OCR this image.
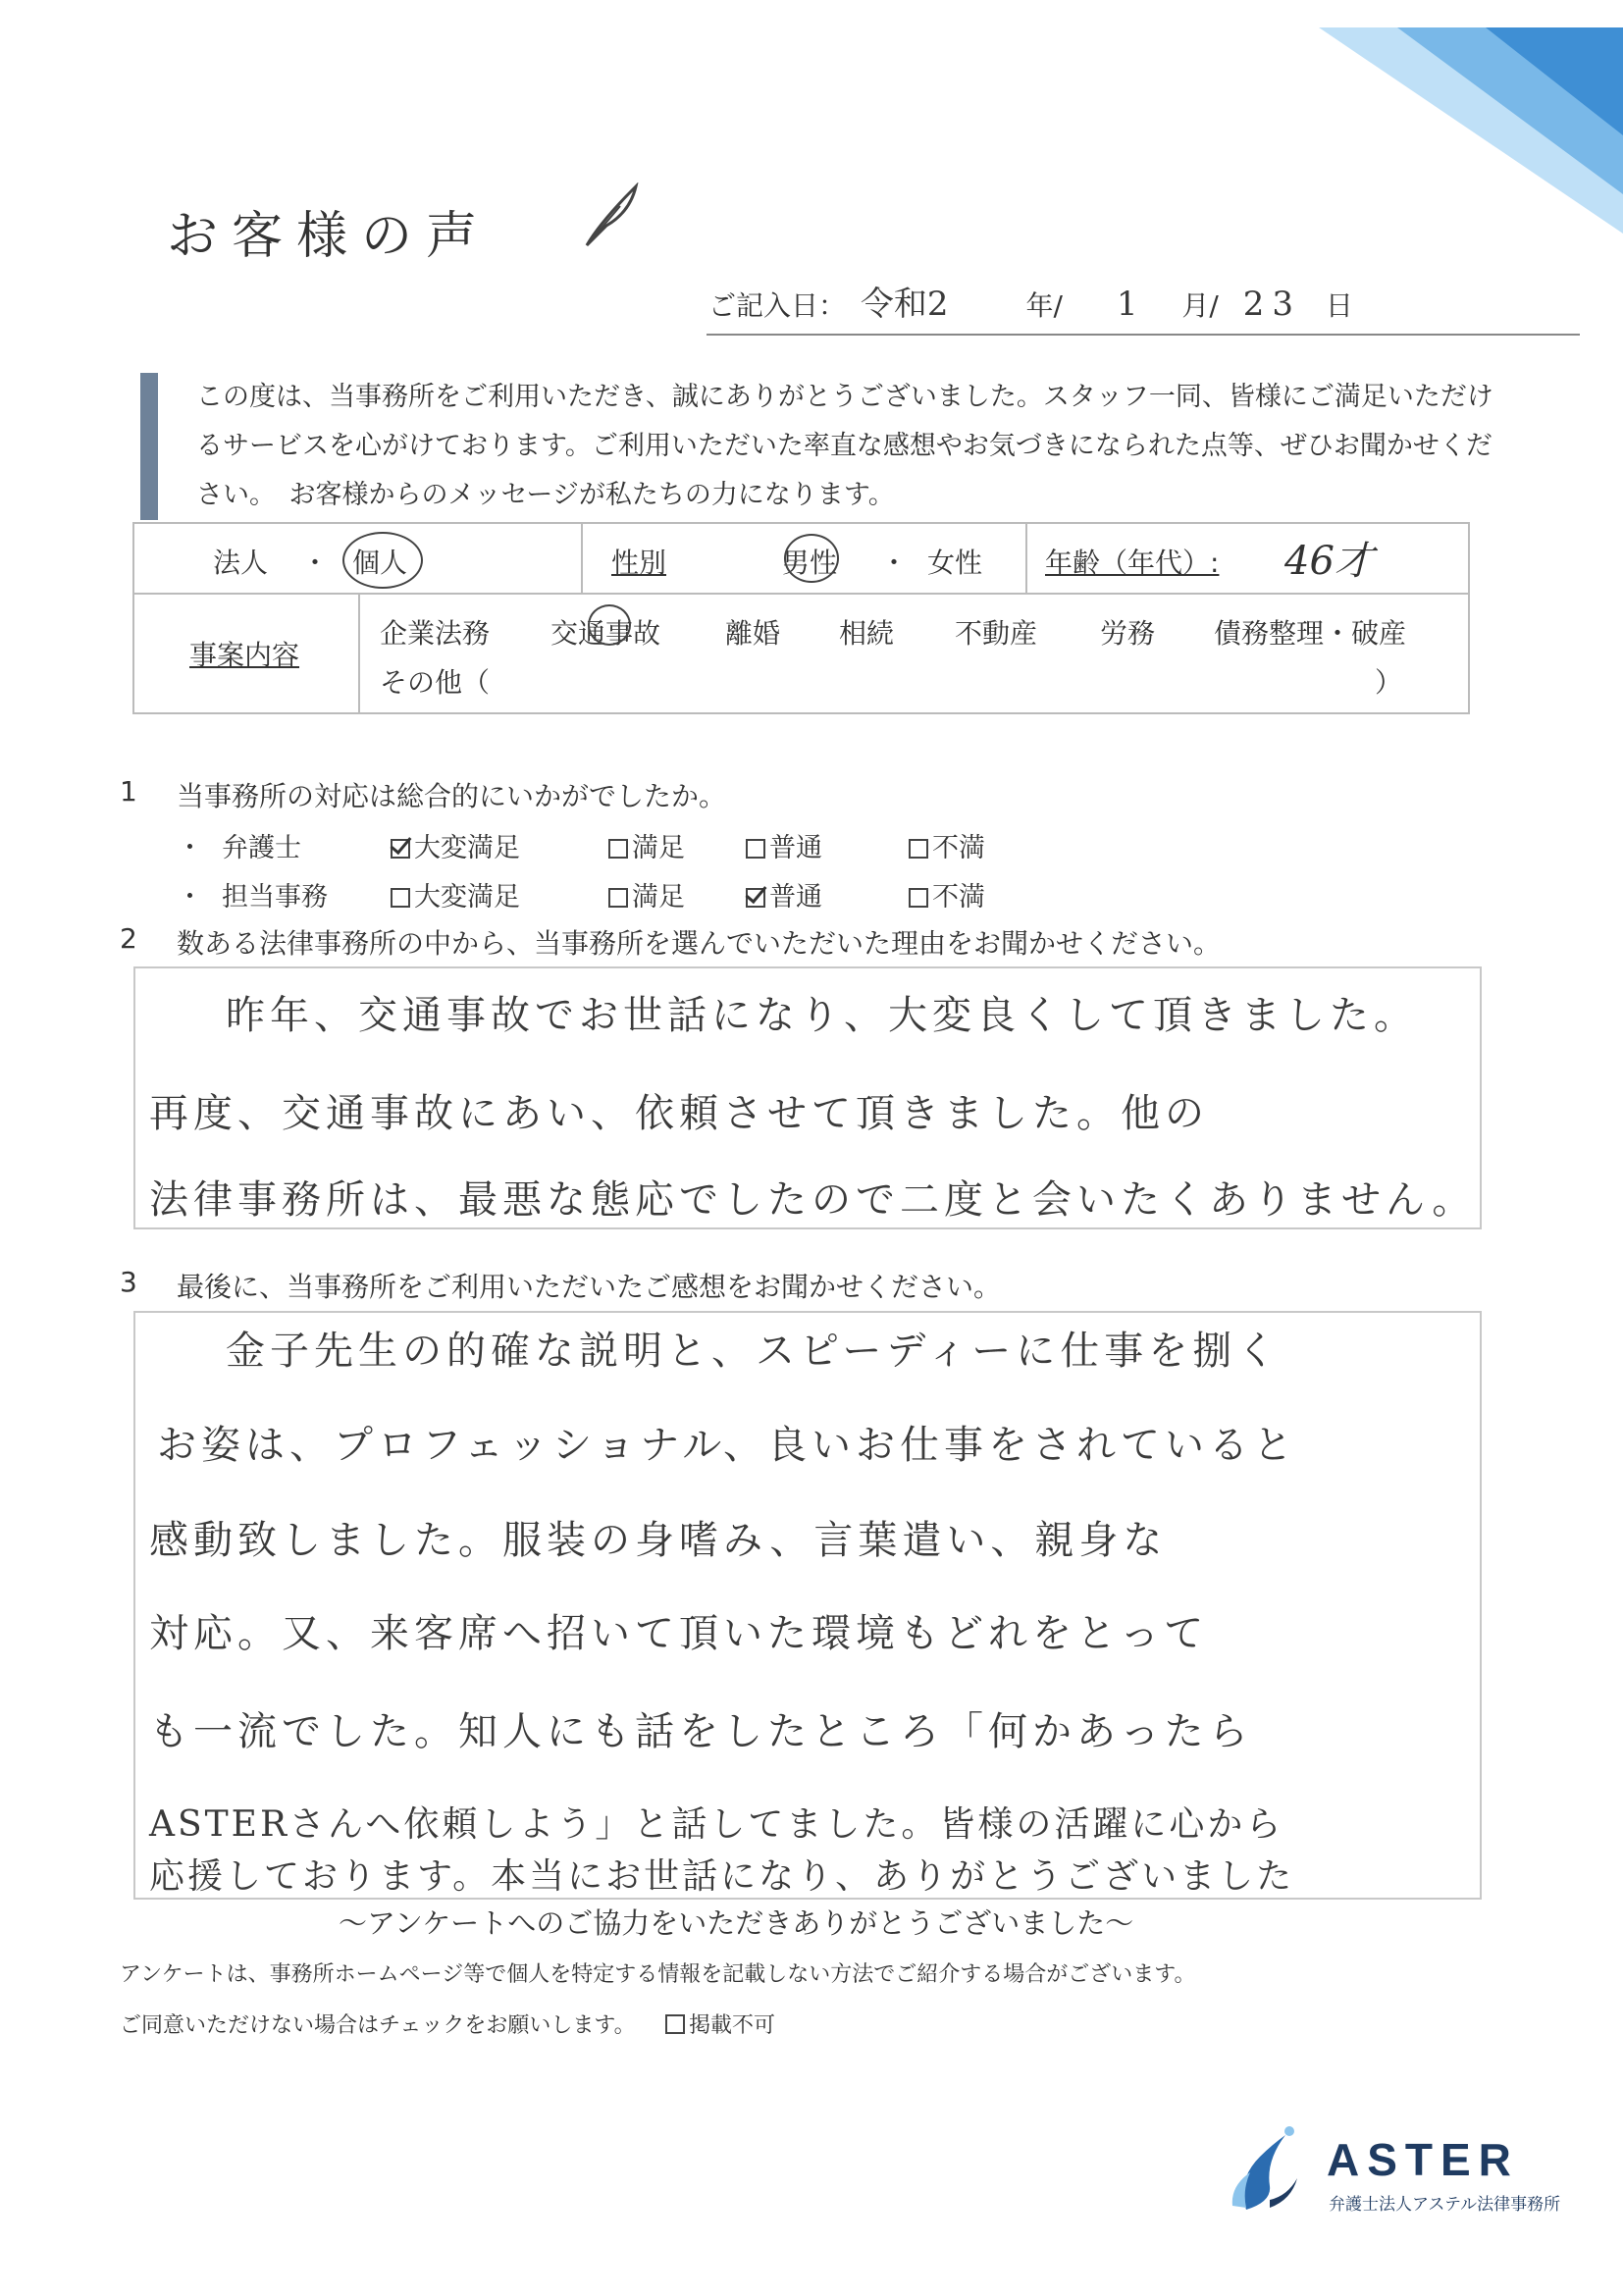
お客様の声
ご記入日： 令和2	年/ 1 月/ 23 日
この度は、当事務所をご利用いただき、誠にありがとうございました。スタッフ一同、皆様にご満足いただけるサービスを心がけております。ご利用いただいた率直な感想やお気づきになられた点等、ぜひお聞かせください。　お客様からのメッセージが私たちの力になります。
法人 ・ 個人	性別	男性 ・ 女性 年齢（年代）: 46才
事案内容
企業法務 交通事故 離婚 相続 不動産 労務 債務整理・破産
その他（	）
1 当事務所の対応は総合的にいかがでしたか。
・ 弁護士	大変満足	満足	普通	不満
・ 担当事務	大変満足	満足	普通	不満
2 数ある法律事務所の中から、当事務所を選んでいただいた理由をお聞かせください。
昨年、交通事故でお世話になり、大変良くして頂きました。
再度、交通事故にあい、依頼させて頂きました。他の
法律事務所は、最悪な態応でしたので二度と会いたくありません。
3 最後に、当事務所をご利用いただいたご感想をお聞かせください。
金子先生の的確な説明と、スピーディーに仕事を捌く
お姿は、プロフェッショナル、良いお仕事をされていると
感動致しました。服装の身嗜み、言葉遣い、親身な
対応。又、来客席へ招いて頂いた環境もどれをとって
も一流でした。知人にも話をしたところ「何かあったら
ASTERさんへ依頼しよう」と話してました。皆様の活躍に心から
応援しております。本当にお世話になり、ありがとうございました
～アンケートへのご協力をいただきありがとうございました～
アンケートは、事務所ホームページ等で個人を特定する情報を記載しない方法でご紹介する場合がございます。
ご同意いただけない場合はチェックをお願いします。	掲載不可
ASTER
弁護士法人アステル法律事務所
